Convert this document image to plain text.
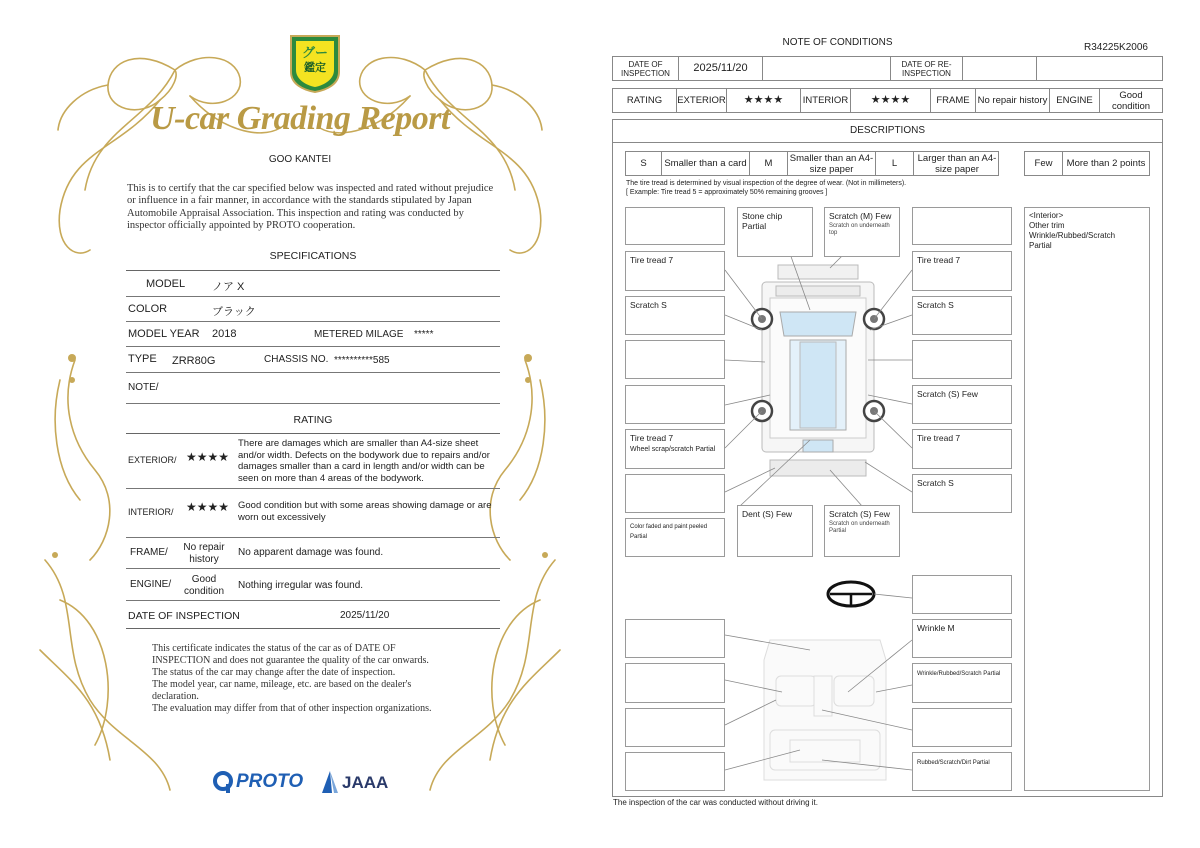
グー
鑑定
U-car Grading Report
GOO KANTEI
This is to certify that the car specified below was inspected and rated without prejudice or influence in a fair manner, in accordance with the standards stipulated by Japan Automobile Appraisal Association. This inspection and rating was conducted by inspector officially appointed by PROTO cooperation.
SPECIFICATIONS
MODEL ノア X
COLOR	ブラック
MODEL YEAR 2018	METERED MILAGE *****
TYPE ZRR80G	CHASSIS NO. **********585
NOTE/
RATING
EXTERIOR/ ★★★★
There are damages which are smaller than A4-size sheet and/or width. Defects on the bodywork due to repairs and/or damages smaller than a card in length and/or width can be seen on more than 4 areas of the bodywork.
INTERIOR/ ★★★★ Good condition but with some areas showing damage or are worn out excessively
FRAME/	No repair history
No apparent damage was found.
ENGINE/	Good condition
Nothing irregular was found.
DATE OF INSPECTION	2025/11/20
This certificate indicates the status of the car as of DATE OF
INSPECTION and does not guarantee the quality of the car onwards.
The status of the car may change after the date of inspection.
The model year, car name, mileage, etc. are based on the dealer's
declaration.
The evaluation may differ from that of other inspection organizations.
PROTO JAAA
NOTE OF CONDITIONS	R34225K2006
DATE OF INSPECTION	2025/11/20	DATE OF RE-INSPECTION
RATING	EXTERIOR	★★★★	INTERIOR	★★★★	FRAME No repair history ENGINE	Good condition
DESCRIPTIONS
S	Smaller than a card	M	Smaller than an A4-size paper	L	Larger than an A4-size paper	Few	More than 2 points
The tire tread is determined by visual inspection of the degree of wear. (Not in millimeters).
[ Example: Tire tread 5 = approximately 50% remaining grooves ]
Tire tread 7
Scratch S
Tire tread 7
Wheel scrap/scratch Partial
Color faded and paint peeled Partial
Stone chip Partial
Scratch (M) Few
Scratch on underneath top
Dent (S) Few	Scratch (S) Few
Scratch on underneath Partial
Tire tread 7
Scratch S
Scratch (S) Few
Tire tread 7
Scratch S
<Interior>
Other trim
Wrinkle/Rubbed/Scratch
Partial
Wrinkle M
Wrinkle/Rubbed/Scratch Partial
Rubbed/Scratch/Dirt Partial
The inspection of the car was conducted without driving it.
